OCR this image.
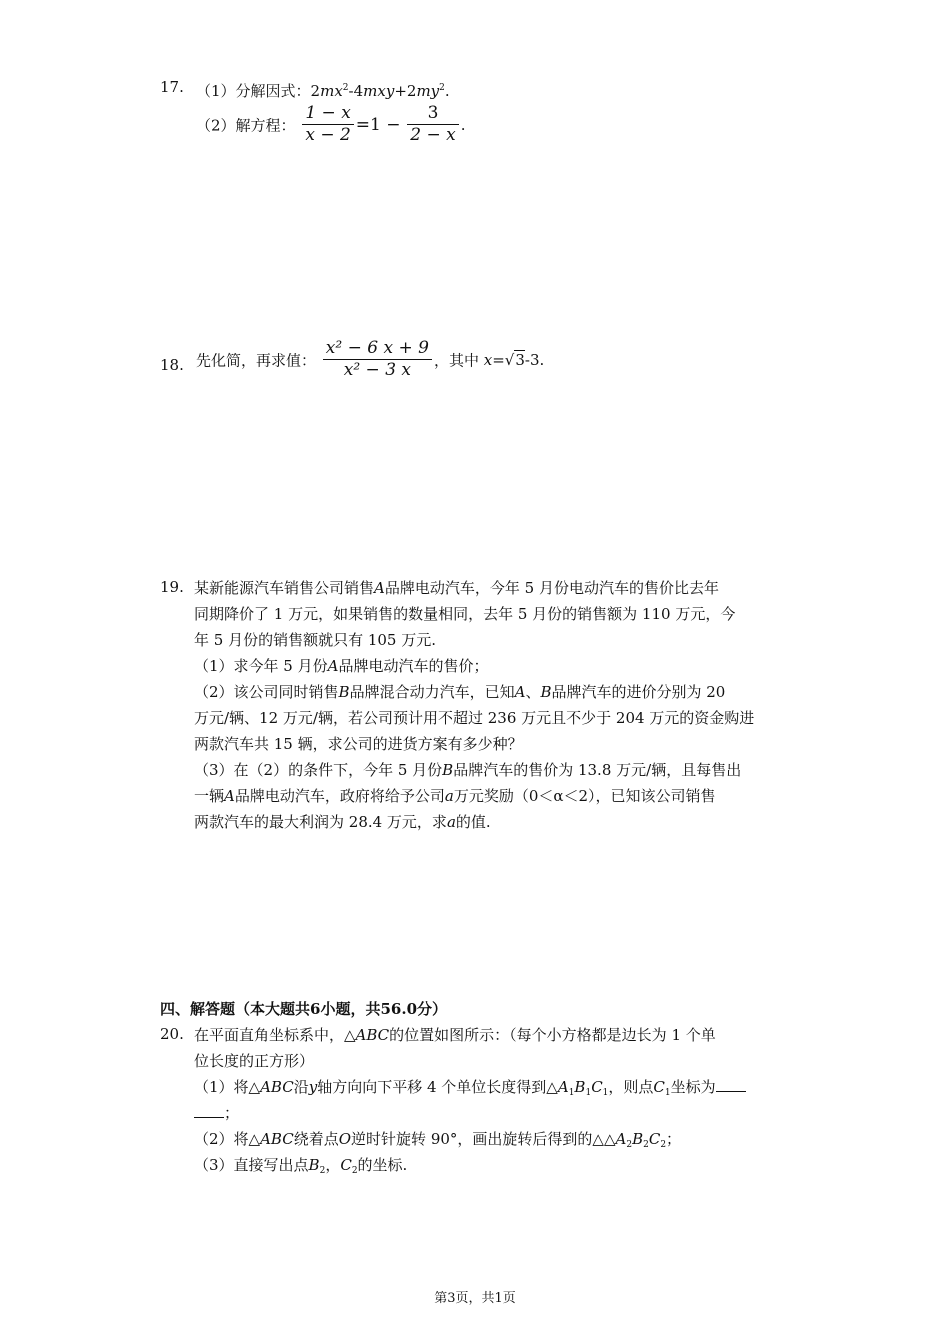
17. （1）分解因式：$2mx^2-4mxy+2my^2$.
（2）解方程： $\frac{1 - x}{x - 2} =1 - \frac{3}{2 - x}$ .
18. 先化简，再求值： $\frac{\text{x² − 6 x + 9}}{\text{x² − 3 x}}$ ，其中 x=√3-3.
19. 某新能源汽车销售公司销售A品牌电动汽车，今年 5 月份电动汽车的售价比去年
同期降价了 1 万元，如果销售的数量相同，去年 5 月份的销售额为 110 万元，今
年 5 月份的销售额就只有 105 万元.
（1）求今年 5 月份A品牌电动汽车的售价；
（2）该公司同时销售B品牌混合动力汽车，已知A、B品牌汽车的进价分别为 20
万元/辆、12 万元/辆，若公司预计用不超过 236 万元且不少于 204 万元的资金购进
两款汽车共 15 辆，求公司的进货方案有多少种？
（3）在（2）的条件下，今年 5 月份B品牌汽车的售价为 13.8 万元/辆，且每售出
一辆A品牌电动汽车，政府将给予公司a万元奖励（0＜α＜2），已知该公司销售
两款汽车的最大利润为 28.4 万元，求a的值.
四、解答题（本大题共6小题，共56.0分）
20. 在平面直角坐标系中，△ABC的位置如图所示：（每个小方格都是边长为 1 个单
位长度的正方形）
（1）将△ABC沿y轴方向向下平移 4 个单位长度得到$\triangle A_1B_1C_1$，则点$C_1$坐标为
；
（2）将△ABC绕着点O逆时针旋转 90°，画出旋转后得到的$\triangle\triangle A_2B_2C_2$；
（3）直接写出点$B_2$，$C_2$的坐标.
第3页，共1页
